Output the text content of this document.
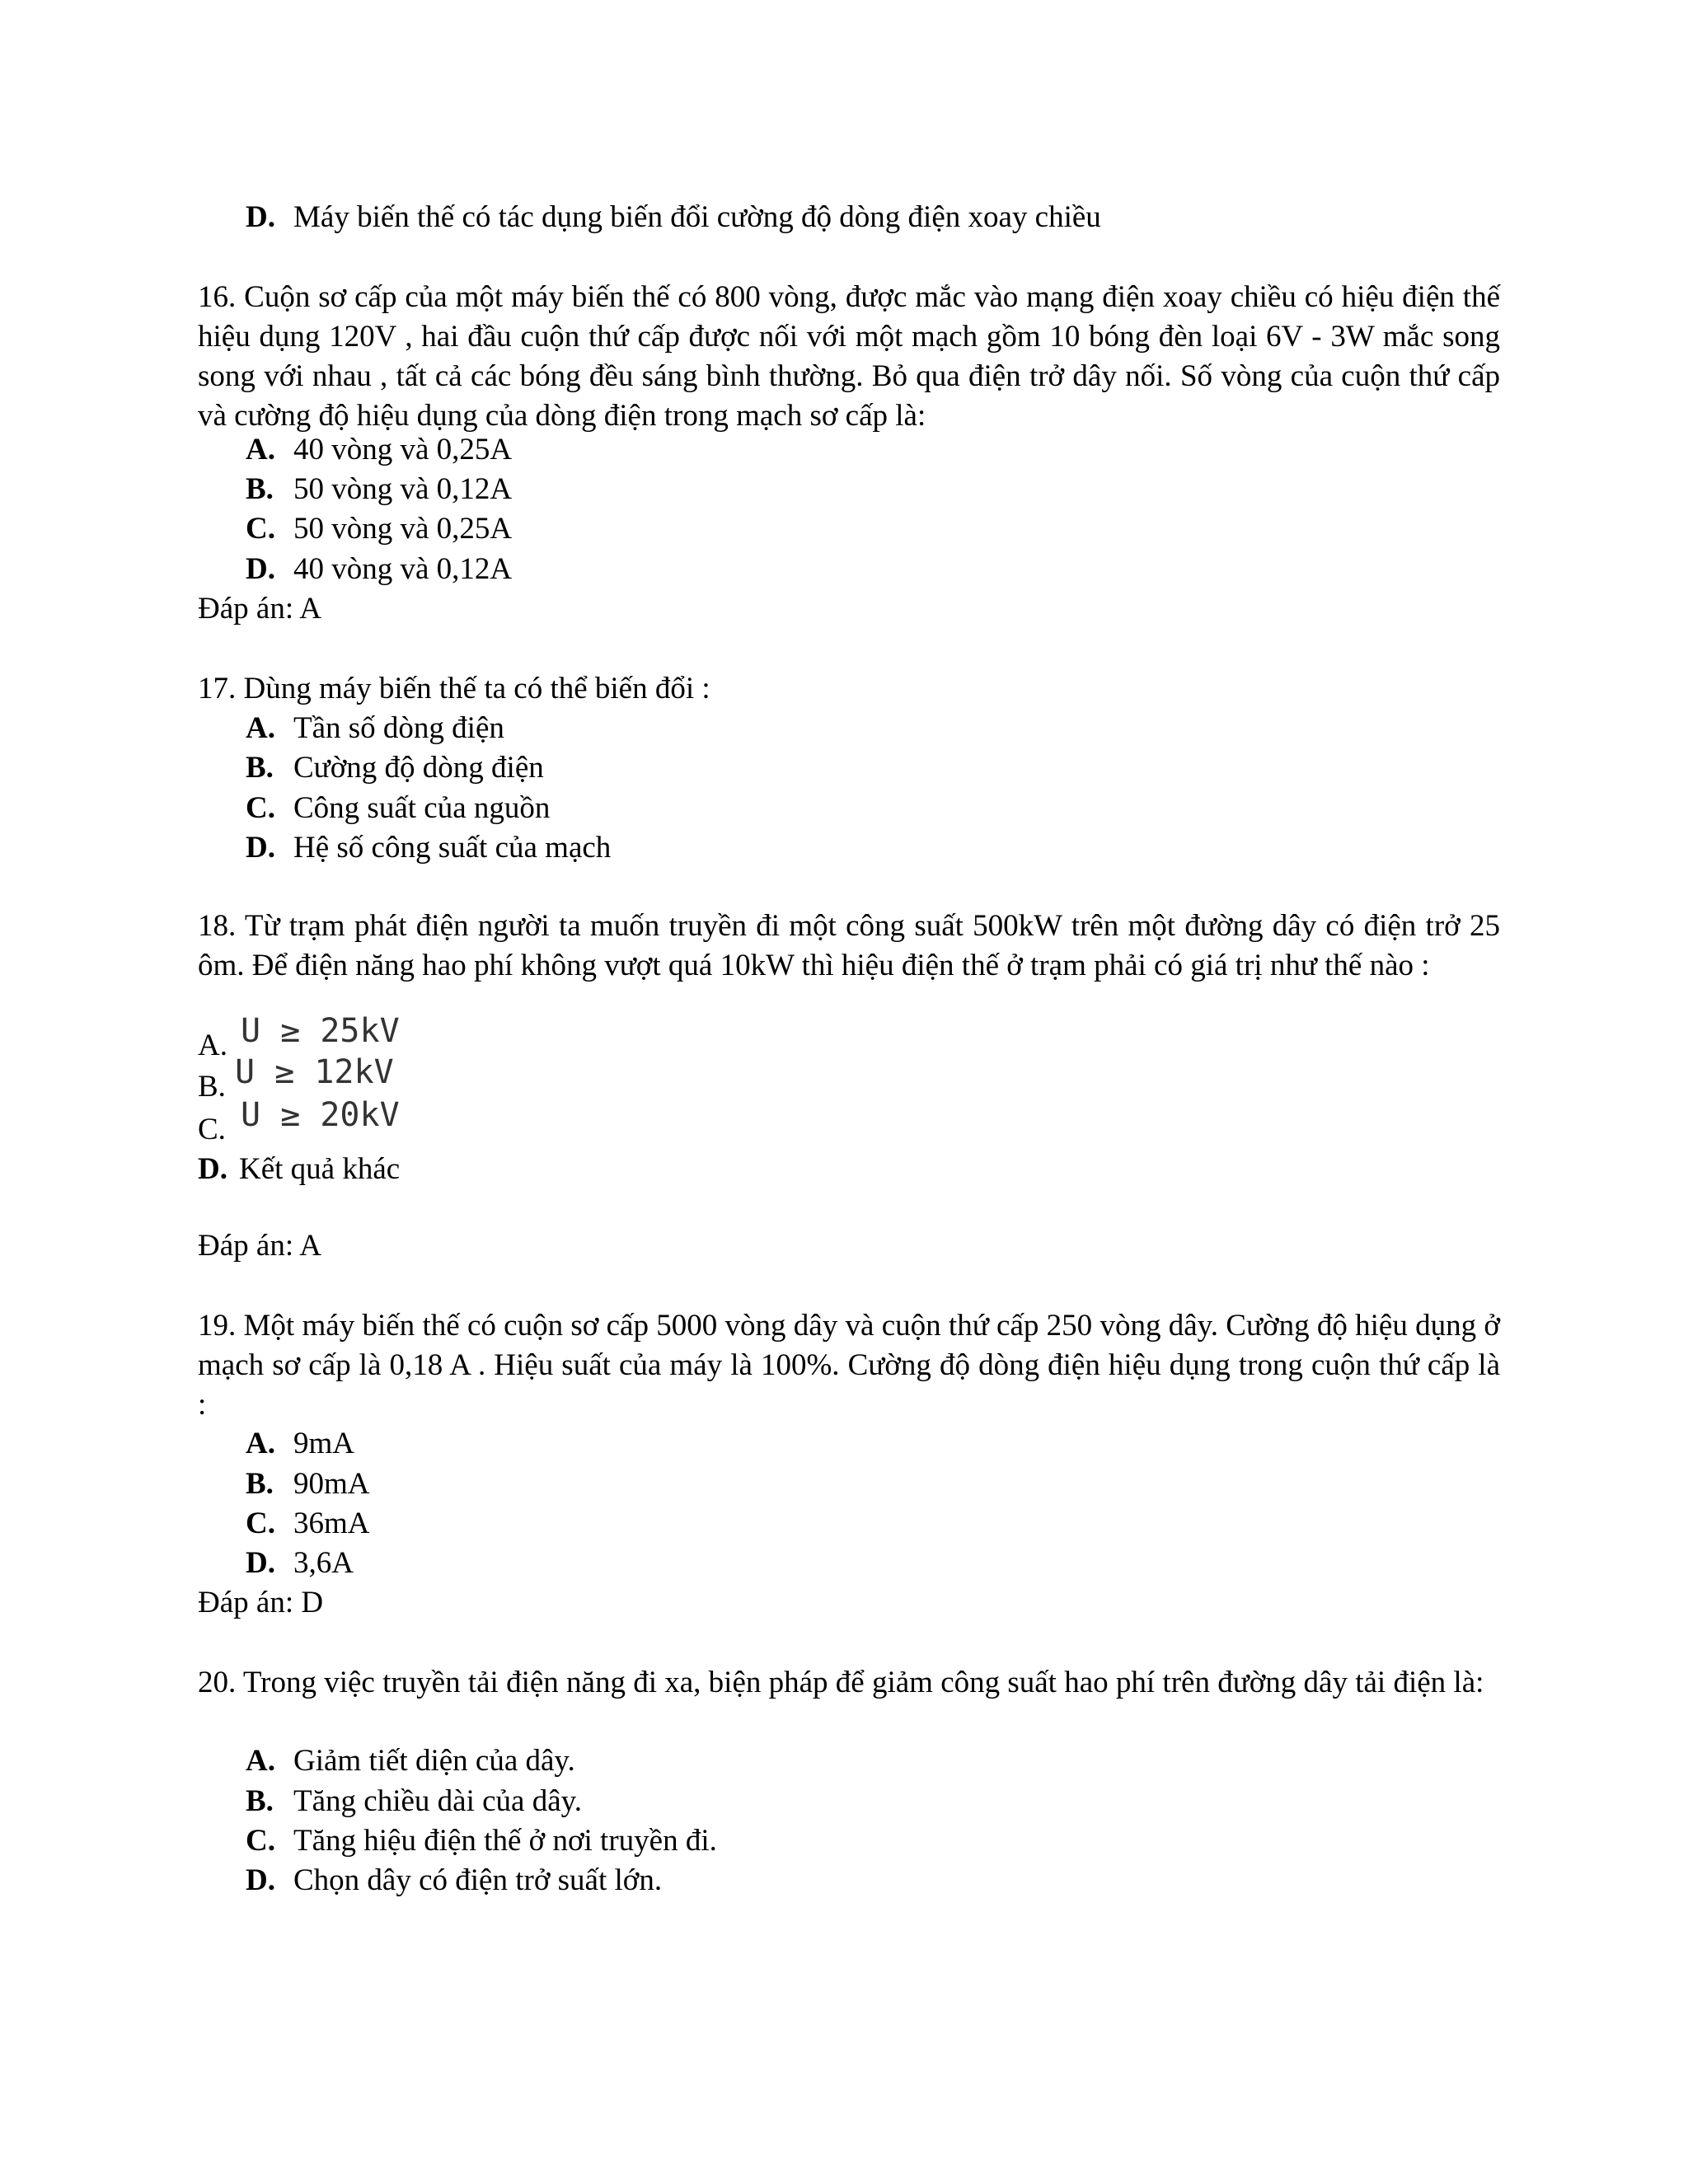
D. Máy biến thế có tác dụng biến đổi cường độ dòng điện xoay chiều
16. Cuộn sơ cấp của một máy biến thế có 800 vòng, được mắc vào mạng điện xoay chiều có hiệu điện thế hiệu dụng 120V , hai đầu cuộn thứ cấp được nối với một mạch gồm 10 bóng đèn loại 6V - 3W mắc song song với nhau , tất cả các bóng đều sáng bình thường. Bỏ qua điện trở dây nối. Số vòng của cuộn thứ cấp và cường độ hiệu dụng của dòng điện trong mạch sơ cấp là:
A. 40 vòng và 0,25A
B. 50 vòng và 0,12A
C. 50 vòng và 0,25A
D. 40 vòng và 0,12A
Đáp án: A
17. Dùng máy biến thế ta có thể biến đổi :
A. Tần số dòng điện
B. Cường độ dòng điện
C. Công suất của nguồn
D. Hệ số công suất của mạch
18. Từ trạm phát điện người ta muốn truyền đi một công suất 500kW trên một đường dây có điện trở 25 ôm. Để điện năng hao phí không vượt quá 10kW thì hiệu điện thế ở trạm phải có giá trị như thế nào :
A. U ≥ 25kV
B. U ≥ 12kV
C. U ≥ 20kV
D. Kết quả khác
Đáp án: A
19. Một máy biến thế có cuộn sơ cấp 5000 vòng dây và cuộn thứ cấp 250 vòng dây. Cường độ hiệu dụng ở mạch sơ cấp là 0,18 A . Hiệu suất của máy là 100%. Cường độ dòng điện hiệu dụng trong cuộn thứ cấp là :
A. 9mA
B. 90mA
C. 36mA
D. 3,6A
Đáp án: D
20. Trong việc truyền tải điện năng đi xa, biện pháp để giảm công suất hao phí trên đường dây tải điện là:
A. Giảm tiết diện của dây.
B. Tăng chiều dài của dây.
C. Tăng hiệu điện thế ở nơi truyền đi.
D. Chọn dây có điện trở suất lớn.
